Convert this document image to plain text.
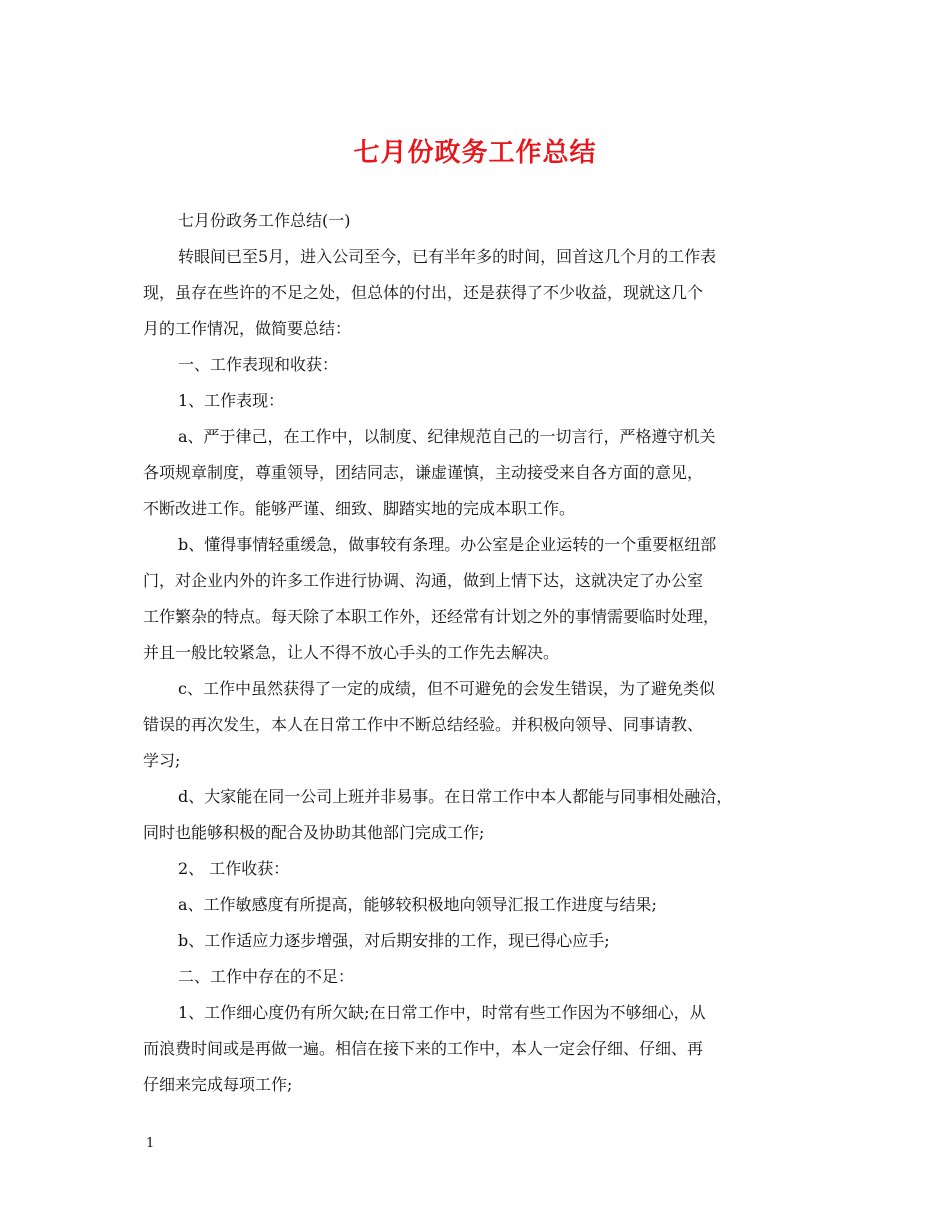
七月份政务工作总结
七月份政务工作总结(一)
转眼间已至5月，进入公司至今，已有半年多的时间，回首这几个月的工作表
现，虽存在些许的不足之处，但总体的付出，还是获得了不少收益，现就这几个
月的工作情况，做简要总结：
一、工作表现和收获：
1、工作表现：
a、严于律己，在工作中，以制度、纪律规范自己的一切言行，严格遵守机关
各项规章制度，尊重领导，团结同志，谦虚谨慎，主动接受来自各方面的意见，
不断改进工作。能够严谨、细致、脚踏实地的完成本职工作。
b、懂得事情轻重缓急，做事较有条理。办公室是企业运转的一个重要枢纽部
门，对企业内外的许多工作进行协调、沟通，做到上情下达，这就决定了办公室
工作繁杂的特点。每天除了本职工作外，还经常有计划之外的事情需要临时处理，
并且一般比较紧急，让人不得不放心手头的工作先去解决。
c、工作中虽然获得了一定的成绩，但不可避免的会发生错误，为了避免类似
错误的再次发生，本人在日常工作中不断总结经验。并积极向领导、同事请教、
学习;
d、大家能在同一公司上班并非易事。在日常工作中本人都能与同事相处融洽，
同时也能够积极的配合及协助其他部门完成工作;
2、 工作收获：
a、工作敏感度有所提高，能够较积极地向领导汇报工作进度与结果;
b、工作适应力逐步增强，对后期安排的工作，现已得心应手;
二、工作中存在的不足：
1、工作细心度仍有所欠缺;在日常工作中，时常有些工作因为不够细心，从
而浪费时间或是再做一遍。相信在接下来的工作中，本人一定会仔细、仔细、再
仔细来完成每项工作;
1
